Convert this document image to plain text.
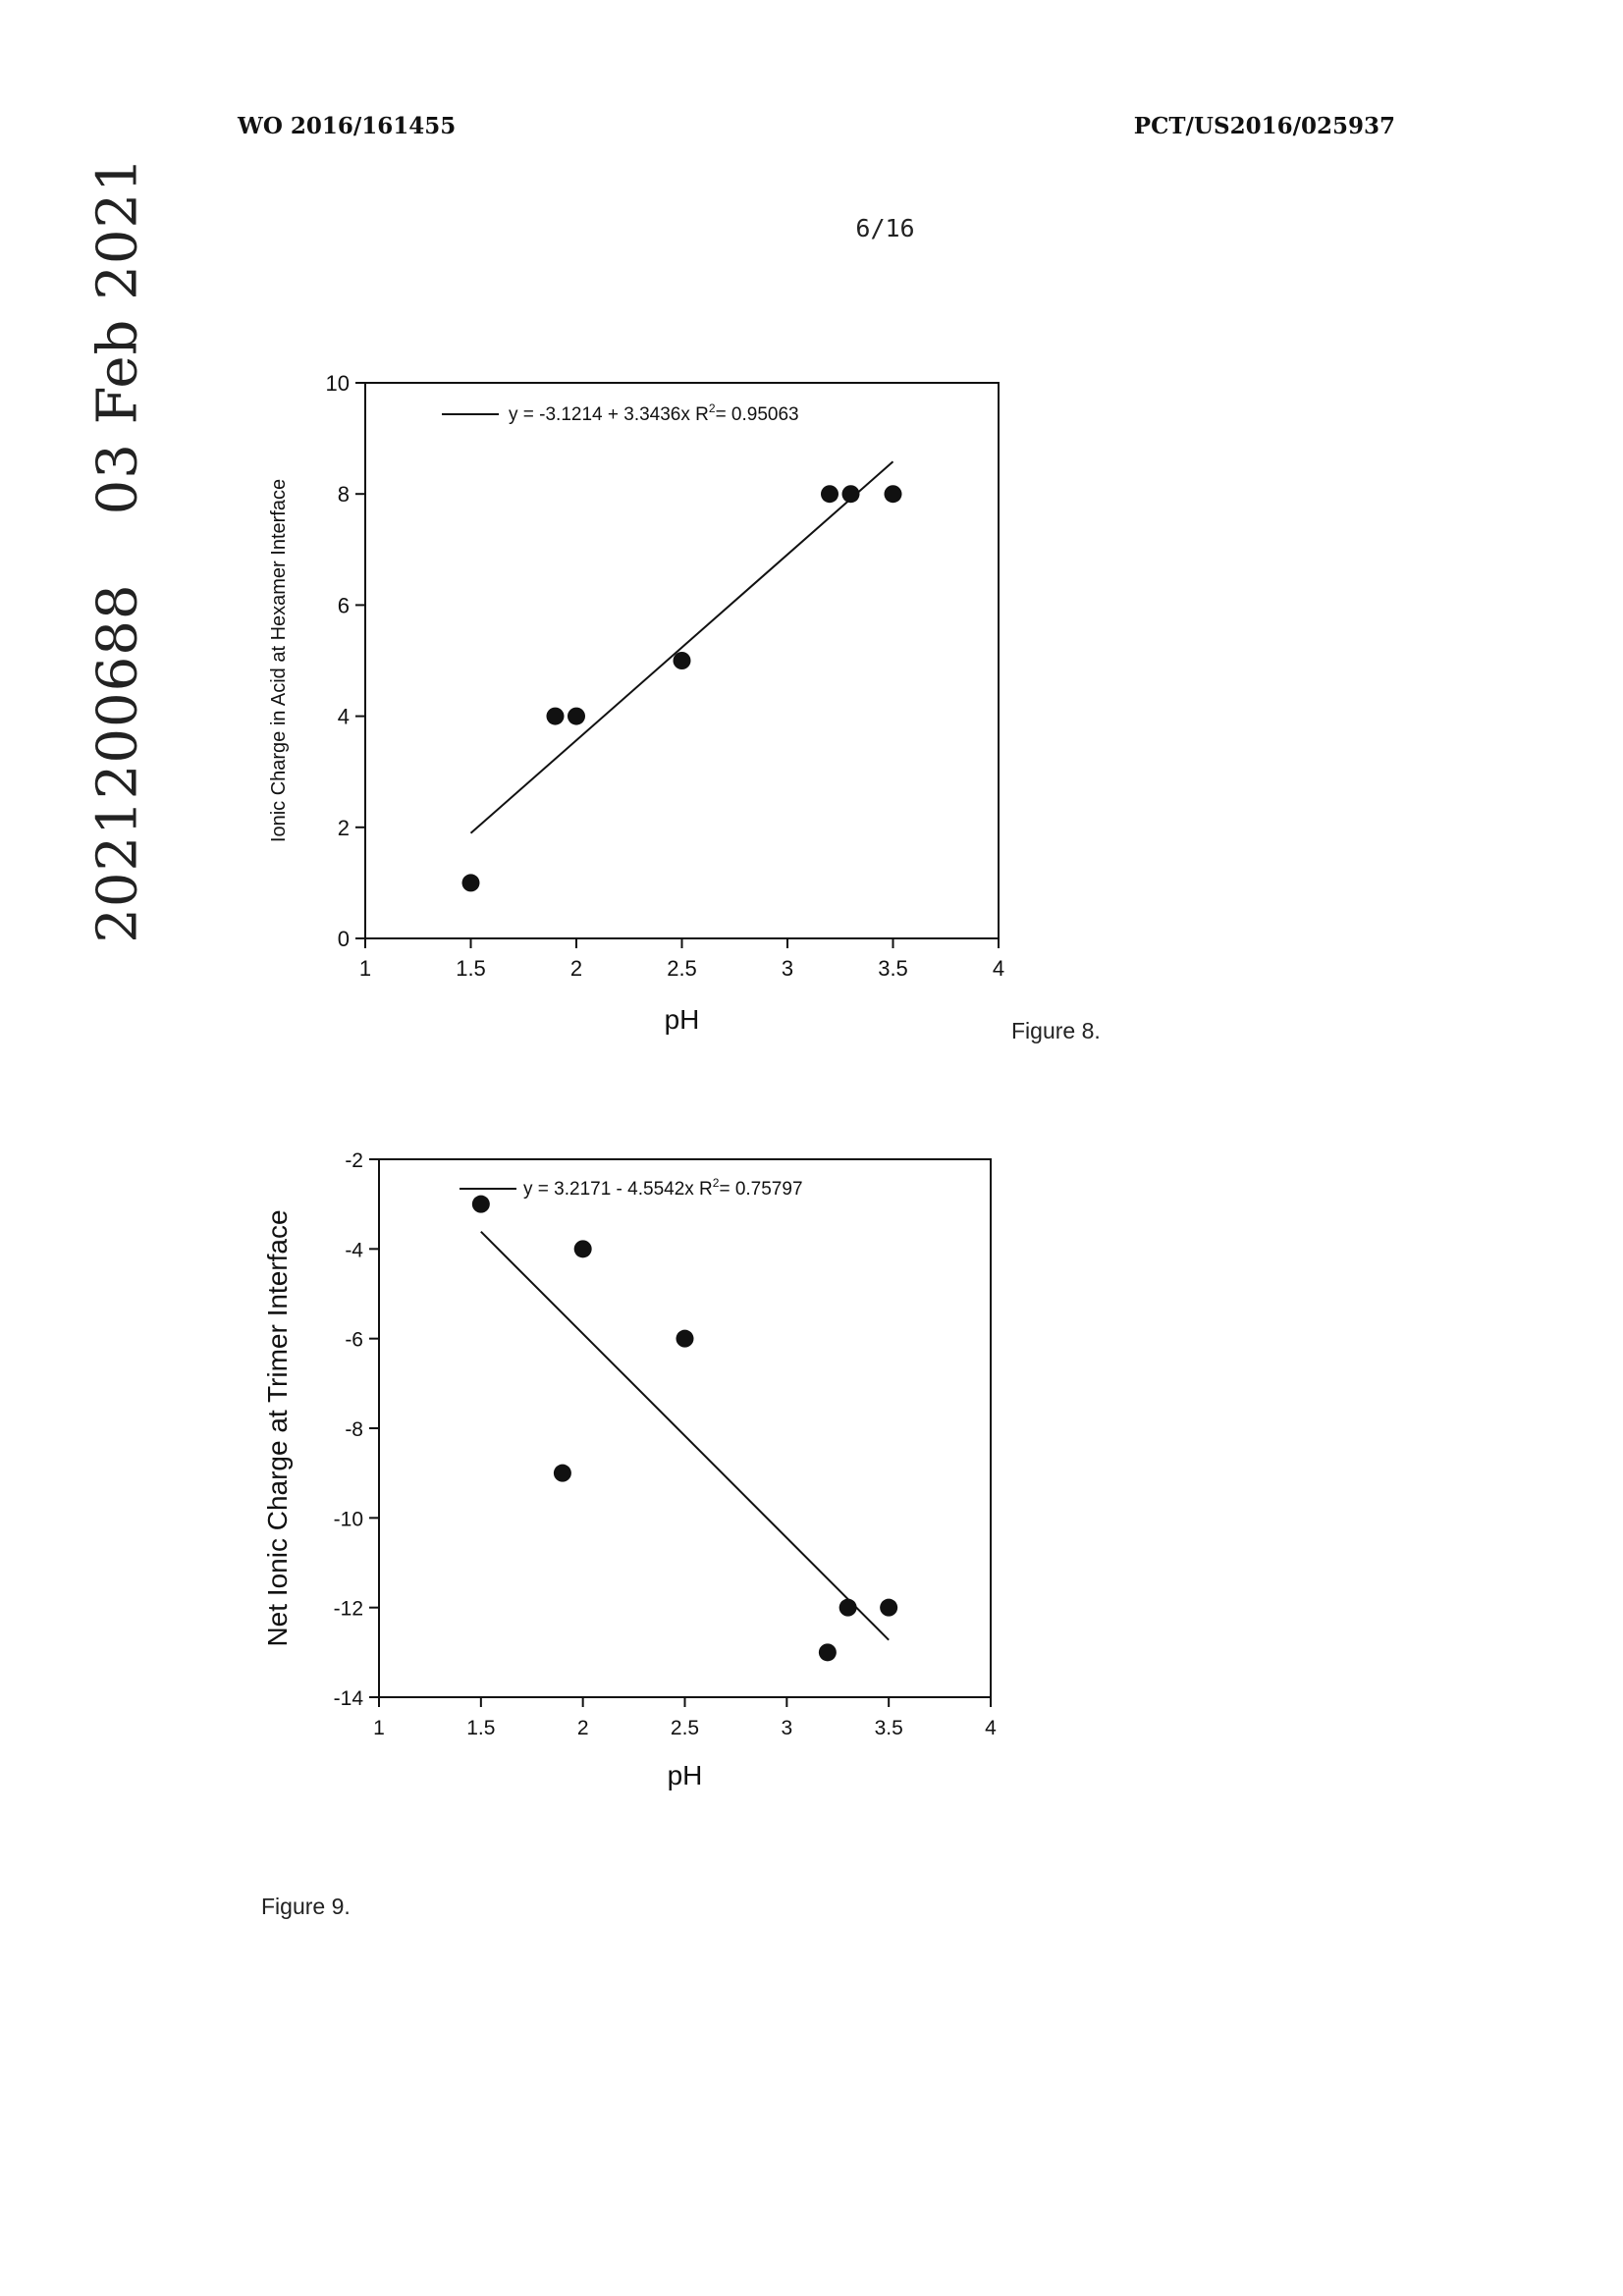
WO 2016/161455	PCT/US2016/025937
6/16
202120068803 Feb 2021
1	1.5	2	2.5	3	3.5	4
0
2
4
6
8
10
pH
Ionic Charge in Acid at Hexamer Interface
y = -3.1214 + 3.3436x $R^2= 0.95063$
1	1.5	2	2.5	3	3.5	4
-14
-12
-10
-8
-6
-4
-2
pH
Net Ionic Charge at Trimer Interface
y = 3.2171 - 4.5542x $R^2= 0.75797$
Figure 8.
Figure 9.
